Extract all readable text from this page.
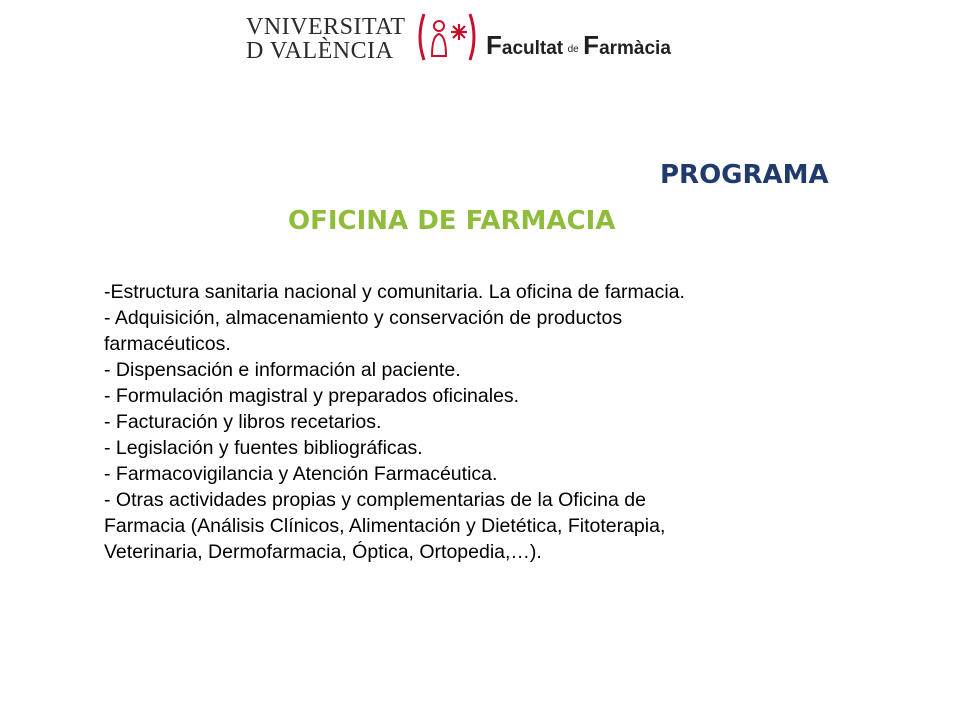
VNIVERSITAT
D VALÈNCIA	Facultat de Farmàcia
PROGRAMA
OFICINA DE FARMACIA
-Estructura sanitaria nacional y comunitaria. La oficina de farmacia.
- Adquisición, almacenamiento y conservación de productos
farmacéuticos.
- Dispensación e información al paciente.
- Formulación magistral y preparados oficinales.
- Facturación y libros recetarios.
- Legislación y fuentes bibliográficas.
- Farmacovigilancia y Atención Farmacéutica.
- Otras actividades propias y complementarias de la Oficina de
Farmacia (Análisis Clínicos, Alimentación y Dietética, Fitoterapia,
Veterinaria, Dermofarmacia, Óptica, Ortopedia,…).
